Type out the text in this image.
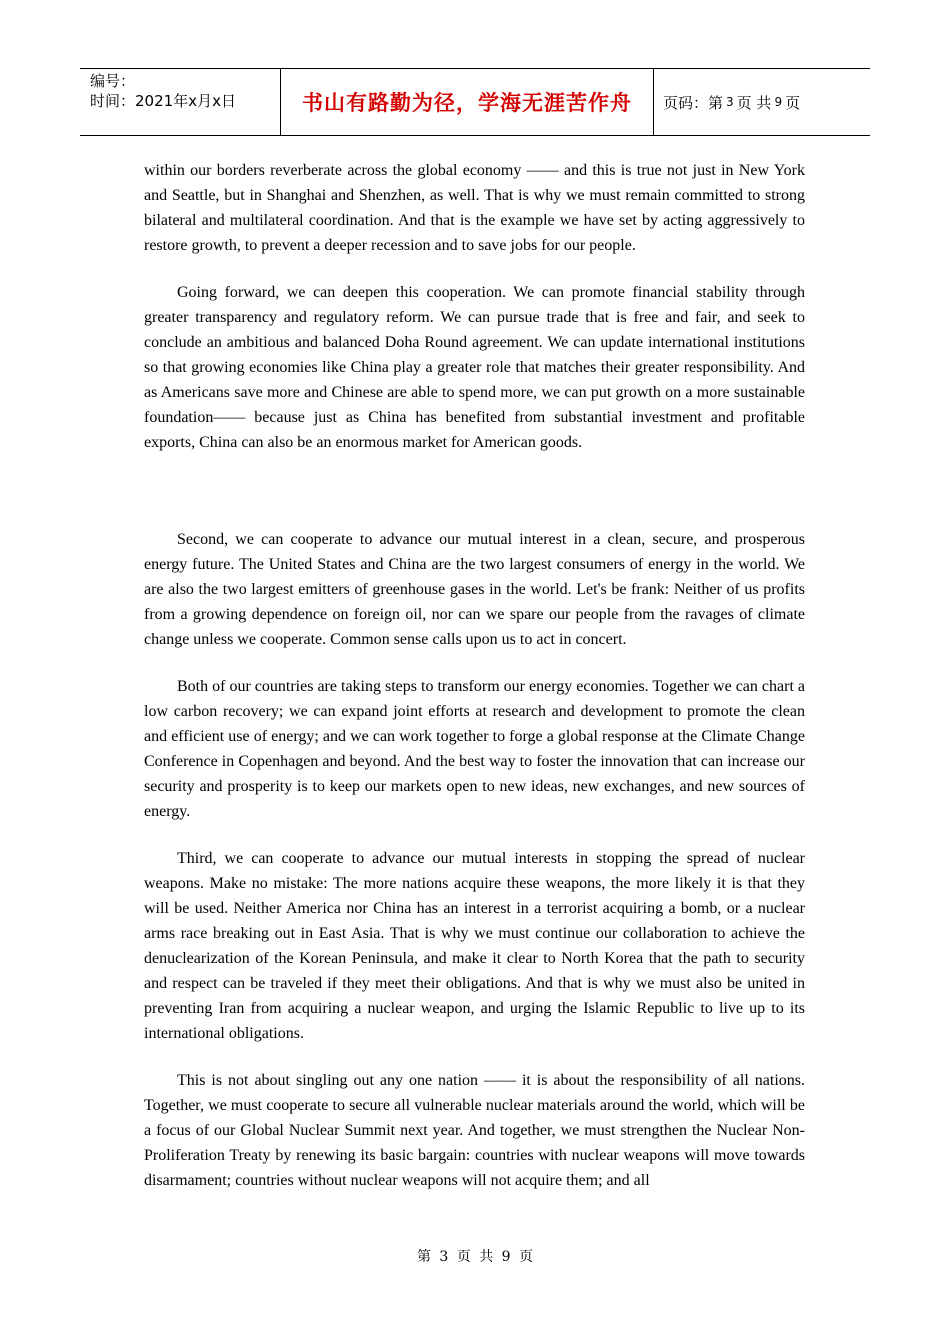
编号：
时间：2021年x月x日	书山有路勤为径，学海无涯苦作舟 页码：第 3 页 共 9 页

within our borders reverberate across the global economy —— and this is true not just in New York and Seattle, but in Shanghai and Shenzhen, as well. That is why we must remain committed to strong bilateral and multilateral coordination. And that is the example we have set by acting aggressively to restore growth, to prevent a deeper recession and to save jobs for our people.

Going forward, we can deepen this cooperation. We can promote financial stability through greater transparency and regulatory reform. We can pursue trade that is free and fair, and seek to conclude an ambitious and balanced Doha Round agreement. We can update international institutions so that growing economies like China play a greater role that matches their greater responsibility. And as Americans save more and Chinese are able to spend more, we can put growth on a more sustainable foundation—— because just as China has benefited from substantial investment and profitable exports, China can also be an enormous market for American goods.

Second, we can cooperate to advance our mutual interest in a clean, secure, and prosperous energy future. The United States and China are the two largest consumers of energy in the world. We are also the two largest emitters of greenhouse gases in the world. Let's be frank: Neither of us profits from a growing dependence on foreign oil, nor can we spare our people from the ravages of climate change unless we cooperate. Common sense calls upon us to act in concert.

Both of our countries are taking steps to transform our energy economies. Together we can chart a low carbon recovery; we can expand joint efforts at research and development to promote the clean and efficient use of energy; and we can work together to forge a global response at the Climate Change Conference in Copenhagen and beyond. And the best way to foster the innovation that can increase our security and prosperity is to keep our markets open to new ideas, new exchanges, and new sources of energy.

Third, we can cooperate to advance our mutual interests in stopping the spread of nuclear weapons. Make no mistake: The more nations acquire these weapons, the more likely it is that they will be used. Neither America nor China has an interest in a terrorist acquiring a bomb, or a nuclear arms race breaking out in East Asia. That is why we must continue our collaboration to achieve the denuclearization of the Korean Peninsula, and make it clear to North Korea that the path to security and respect can be traveled if they meet their obligations. And that is why we must also be united in preventing Iran from acquiring a nuclear weapon, and urging the Islamic Republic to live up to its international obligations.

This is not about singling out any one nation —— it is about the responsibility of all nations. Together, we must cooperate to secure all vulnerable nuclear materials around the world, which will be a focus of our Global Nuclear Summit next year. And together, we must strengthen the Nuclear Non-Proliferation Treaty by renewing its basic bargain: countries with nuclear weapons will move towards disarmament; countries without nuclear weapons will not acquire them; and all

第 3 页 共 9 页
